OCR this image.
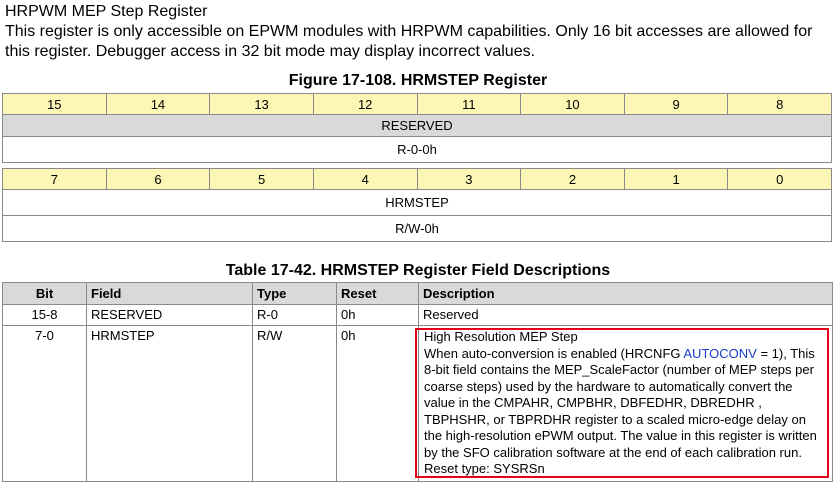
HRPWM MEP Step Register
This register is only accessible on EPWM modules with HRPWM capabilities. Only 16 bit accesses are allowed for this register. Debugger access in 32 bit mode may display incorrect values.
Figure 17-108. HRMSTEP Register
15	14	13	12	11	10	9	8
RESERVED							
R-0-0h							

7	6	5	4	3	2	1	0
HRMSTEP							
R/W-0h							
Table 17-42. HRMSTEP Register Field Descriptions
Bit	Field	Type	Reset	Description
15-8	RESERVED	R-0	0h	Reserved
7-0	HRMSTEP	R/W	0h	High Resolution MEP Step
When auto-conversion is enabled (HRCNFG AUTOCONV = 1), This 8-bit field contains the MEP_ScaleFactor (number of MEP steps per coarse steps) used by the hardware to automatically convert the value in the CMPAHR, CMPBHR, DBFEDHR, DBREDHR , TBPHSHR, or TBPRDHR register to a scaled micro-edge delay on the high-resolution ePWM output. The value in this register is written by the SFO calibration software at the end of each calibration run.
Reset type: SYSRSn
